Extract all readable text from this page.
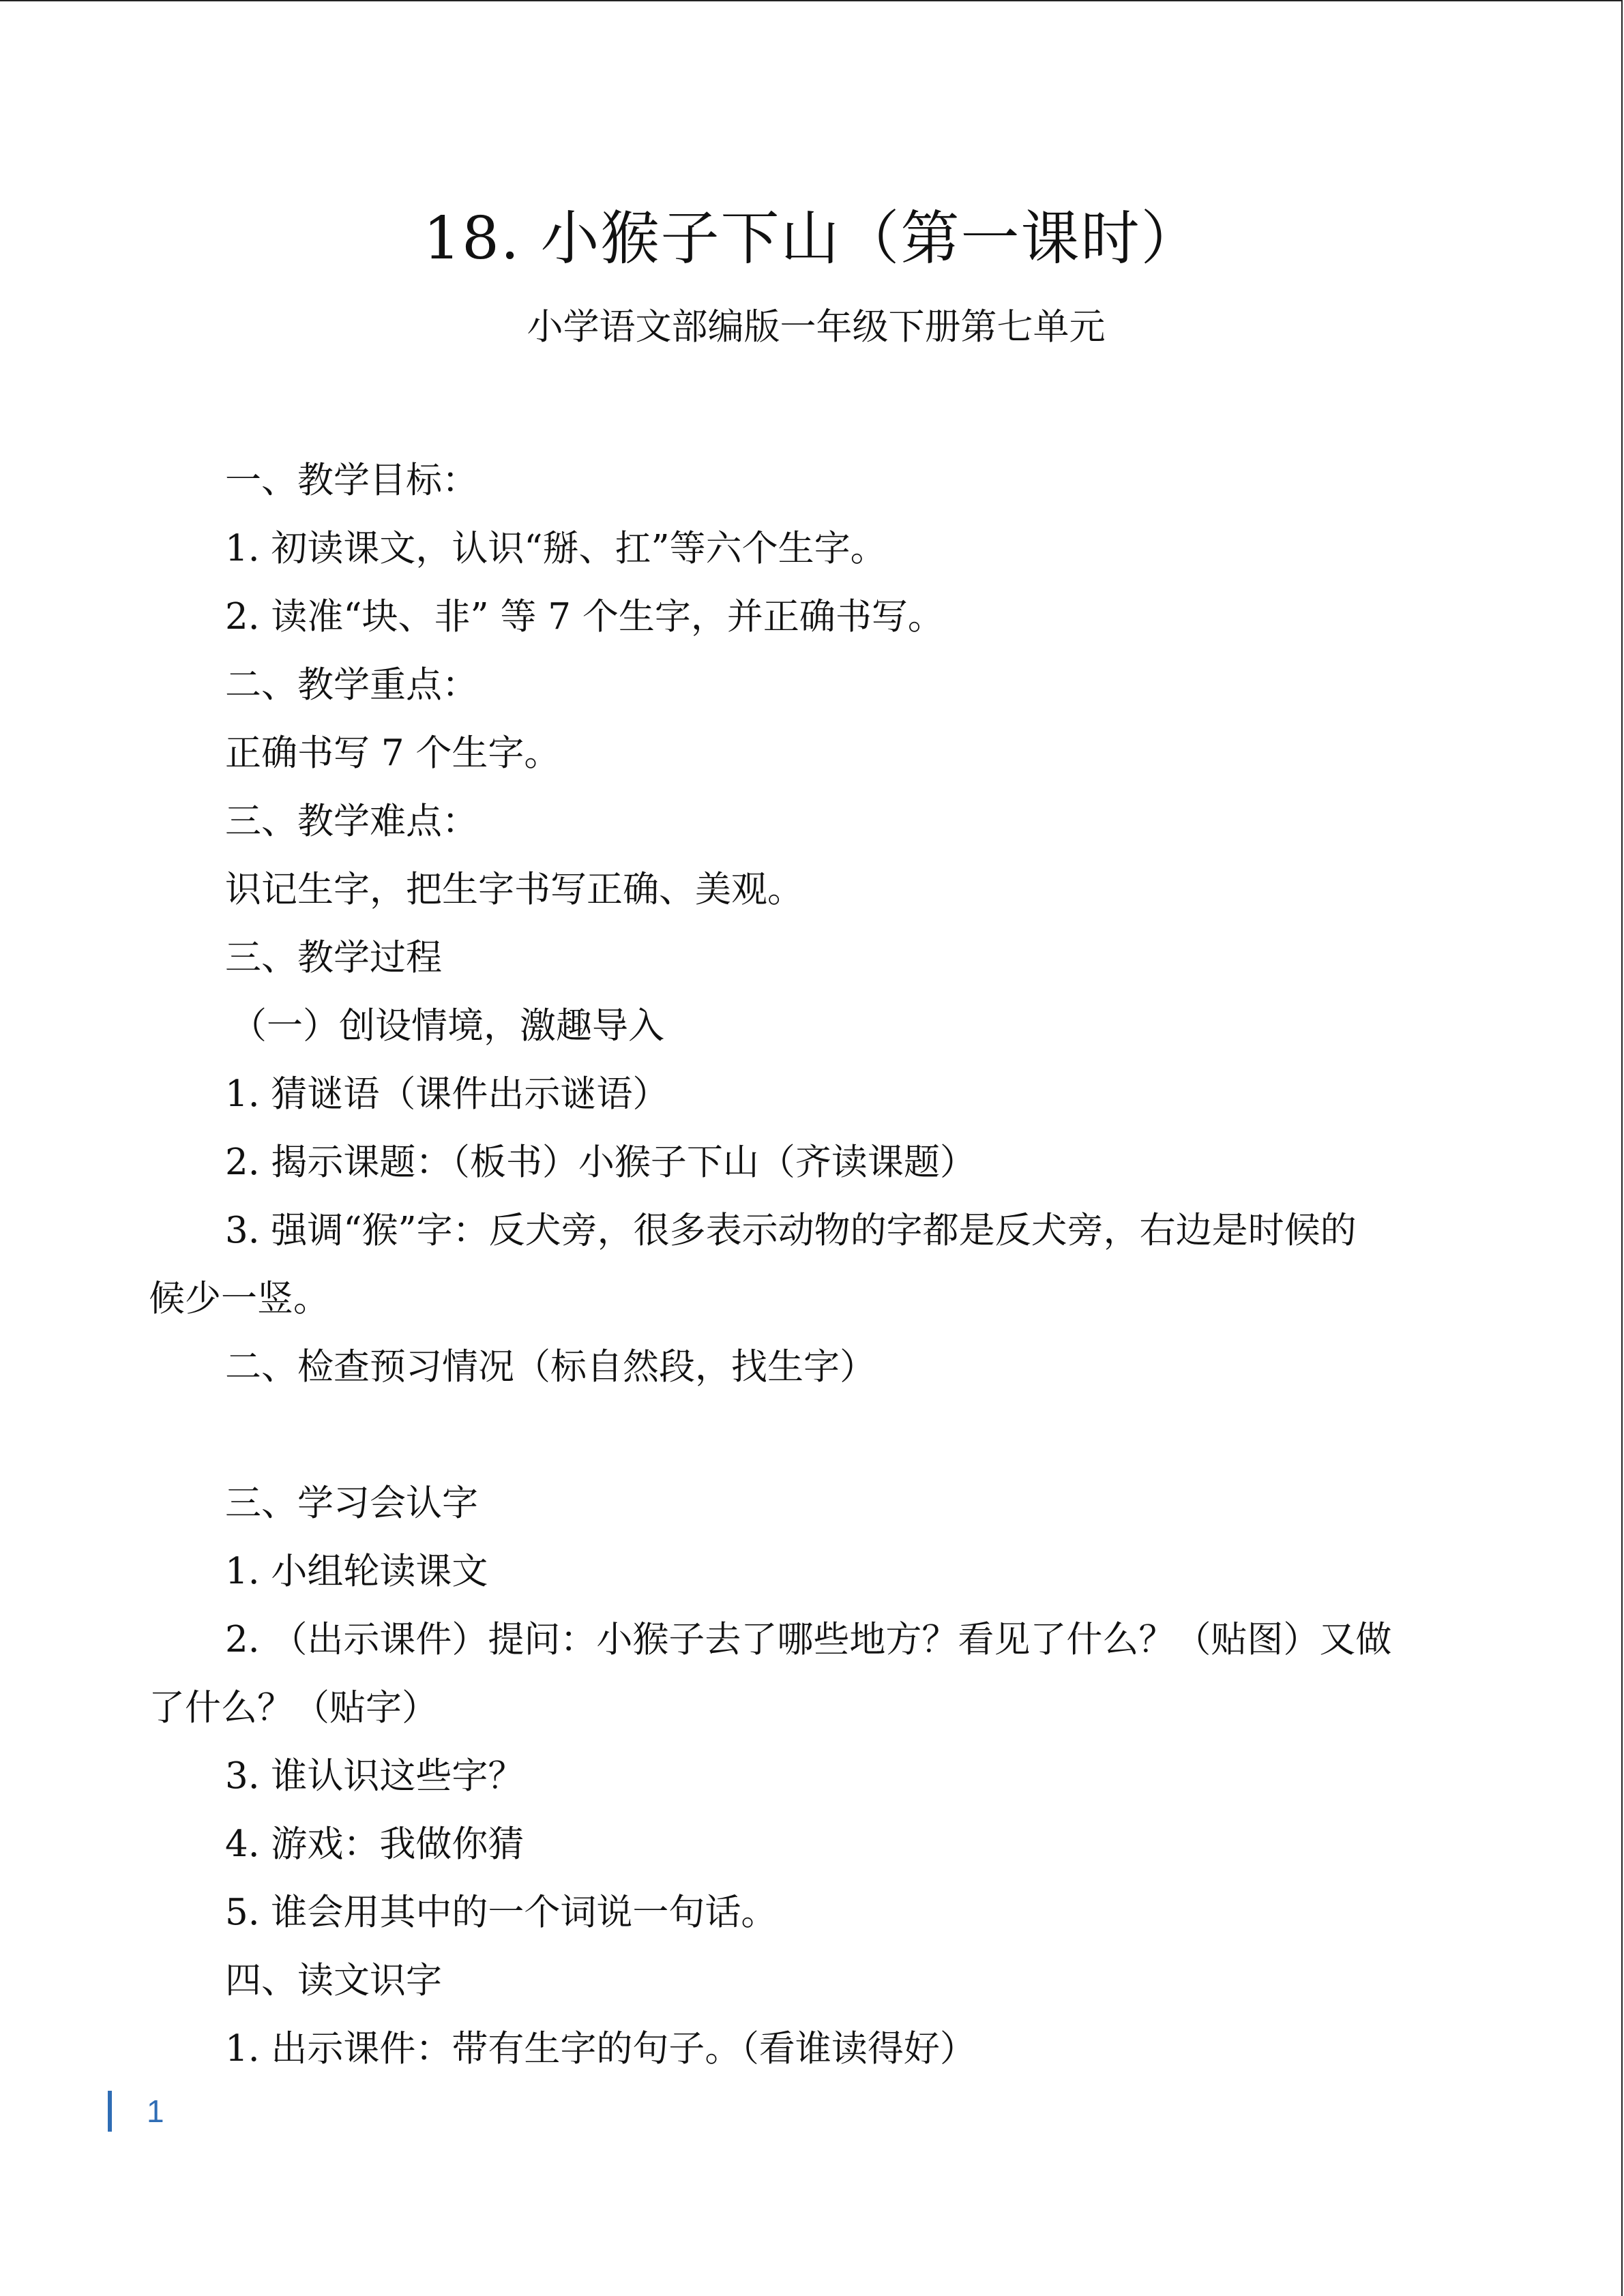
18. 小猴子下山（第一课时）
小学语文部编版一年级下册第七单元
一、教学目标：
1. 初读课文，认识“掰、扛”等六个生字。
2. 读准“块、非” 等 7 个生字，并正确书写。
二、教学重点：
正确书写 7 个生字。
三、教学难点：
识记生字，把生字书写正确、美观。
三、教学过程
（一）创设情境，激趣导入
1. 猜谜语（课件出示谜语）
2. 揭示课题：（板书）小猴子下山（齐读课题）
3. 强调“猴”字：反犬旁，很多表示动物的字都是反犬旁，右边是时候的
候少一竖。
二、检查预习情况（标自然段，找生字）
三、学习会认字
1. 小组轮读课文
2. （出示课件）提问：小猴子去了哪些地方？看见了什么？（贴图）又做
了什么？（贴字）
3. 谁认识这些字？
4. 游戏：我做你猜
5. 谁会用其中的一个词说一句话。
四、读文识字
1. 出示课件：带有生字的句子。（看谁读得好）
1
